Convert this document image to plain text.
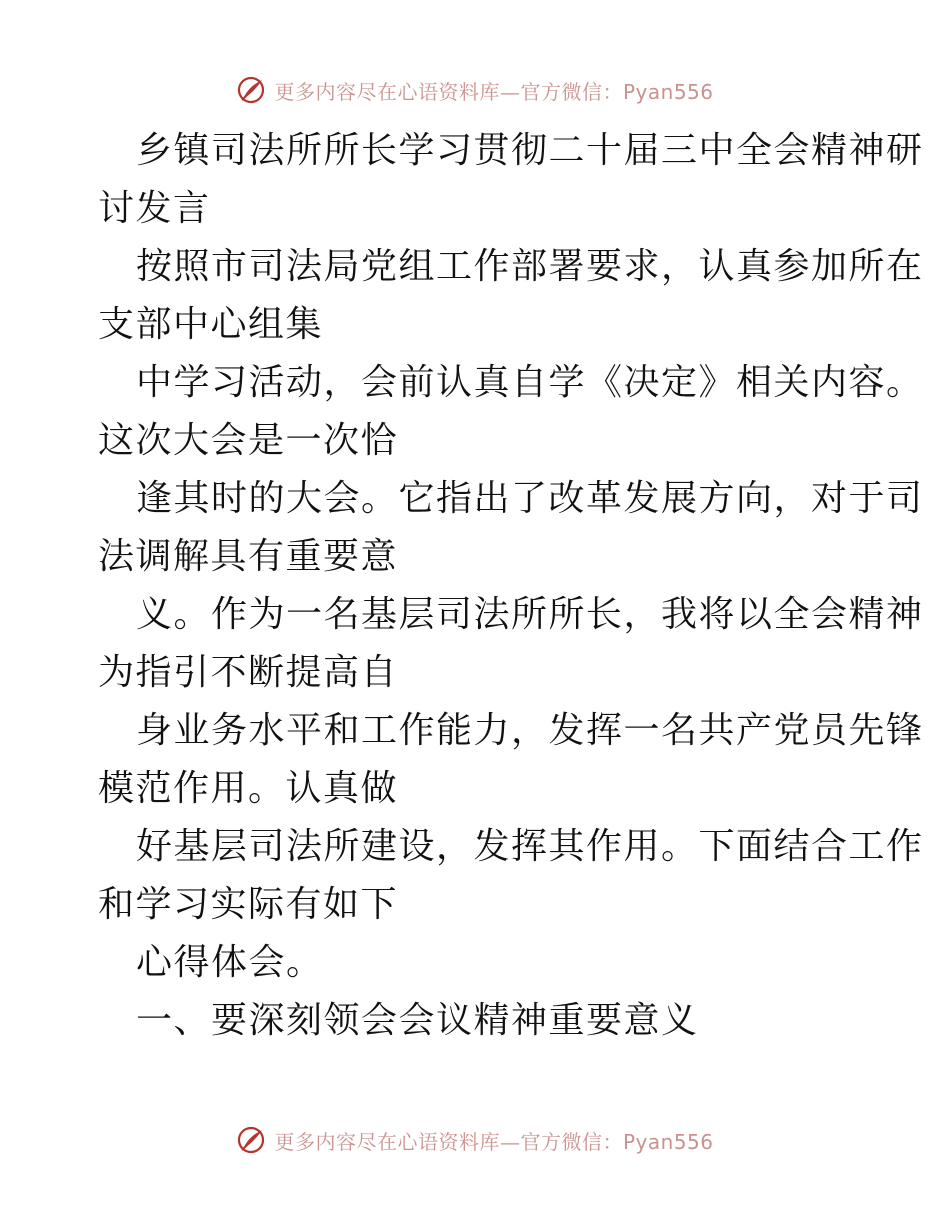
更多内容尽在心语资料库—官方微信：Pyan556
乡镇司法所所长学习贯彻二十届三中全会精神研
讨发言
按照市司法局党组工作部署要求，认真参加所在
支部中心组集
中学习活动，会前认真自学《决定》相关内容。
这次大会是一次恰
逢其时的大会。它指出了改革发展方向，对于司
法调解具有重要意
义。作为一名基层司法所所长，我将以全会精神
为指引不断提高自
身业务水平和工作能力，发挥一名共产党员先锋
模范作用。认真做
好基层司法所建设，发挥其作用。下面结合工作
和学习实际有如下
心得体会。
一、要深刻领会会议精神重要意义
更多内容尽在心语资料库—官方微信：Pyan556
